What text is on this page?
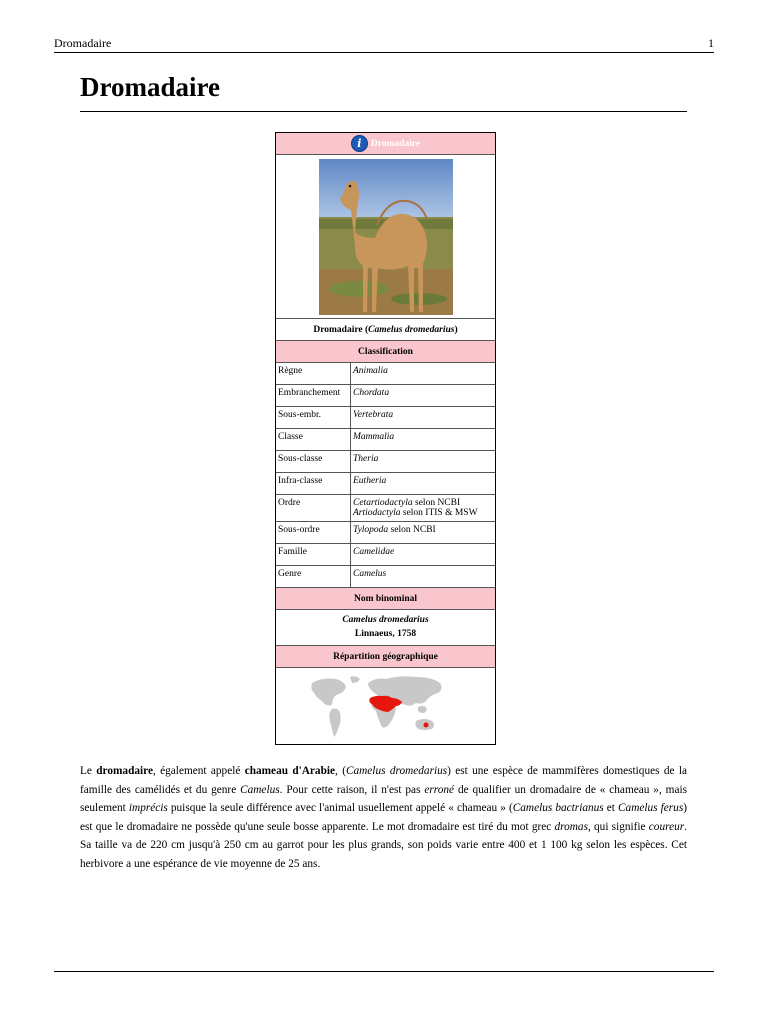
Dromadaire	1
Dromadaire
i Dromadaire
Dromadaire (Camelus dromedarius)
Classification
Règne	Animalia
Embranchement	Chordata
Sous-embr.	Vertebrata
Classe	Mammalia
Sous-classe	Theria
Infra-classe	Eutheria
Ordre	Cetartiodactyla selon NCBI
Artiodactyla selon ITIS & MSW
Sous-ordre	Tylopoda selon NCBI
Famille	Camelidae
Genre	Camelus
Nom binominal
Camelus dromedarius
Linnaeus, 1758
Répartition géographique

Le dromadaire, également appelé chameau d'Arabie, (Camelus dromedarius) est une espèce de mammifères domestiques de la famille des camélidés et du genre Camelus. Pour cette raison, il n'est pas erroné de qualifier un dromadaire de « chameau », mais seulement imprécis puisque la seule différence avec l'animal usuellement appelé « chameau » (Camelus bactrianus et Camelus ferus) est que le dromadaire ne possède qu'une seule bosse apparente. Le mot dromadaire est tiré du mot grec dromas, qui signifie coureur. Sa taille va de 220 cm jusqu'à 250 cm au garrot pour les plus grands, son poids varie entre 400 et 1 100 kg selon les espèces. Cet herbivore a une espérance de vie moyenne de 25 ans.
